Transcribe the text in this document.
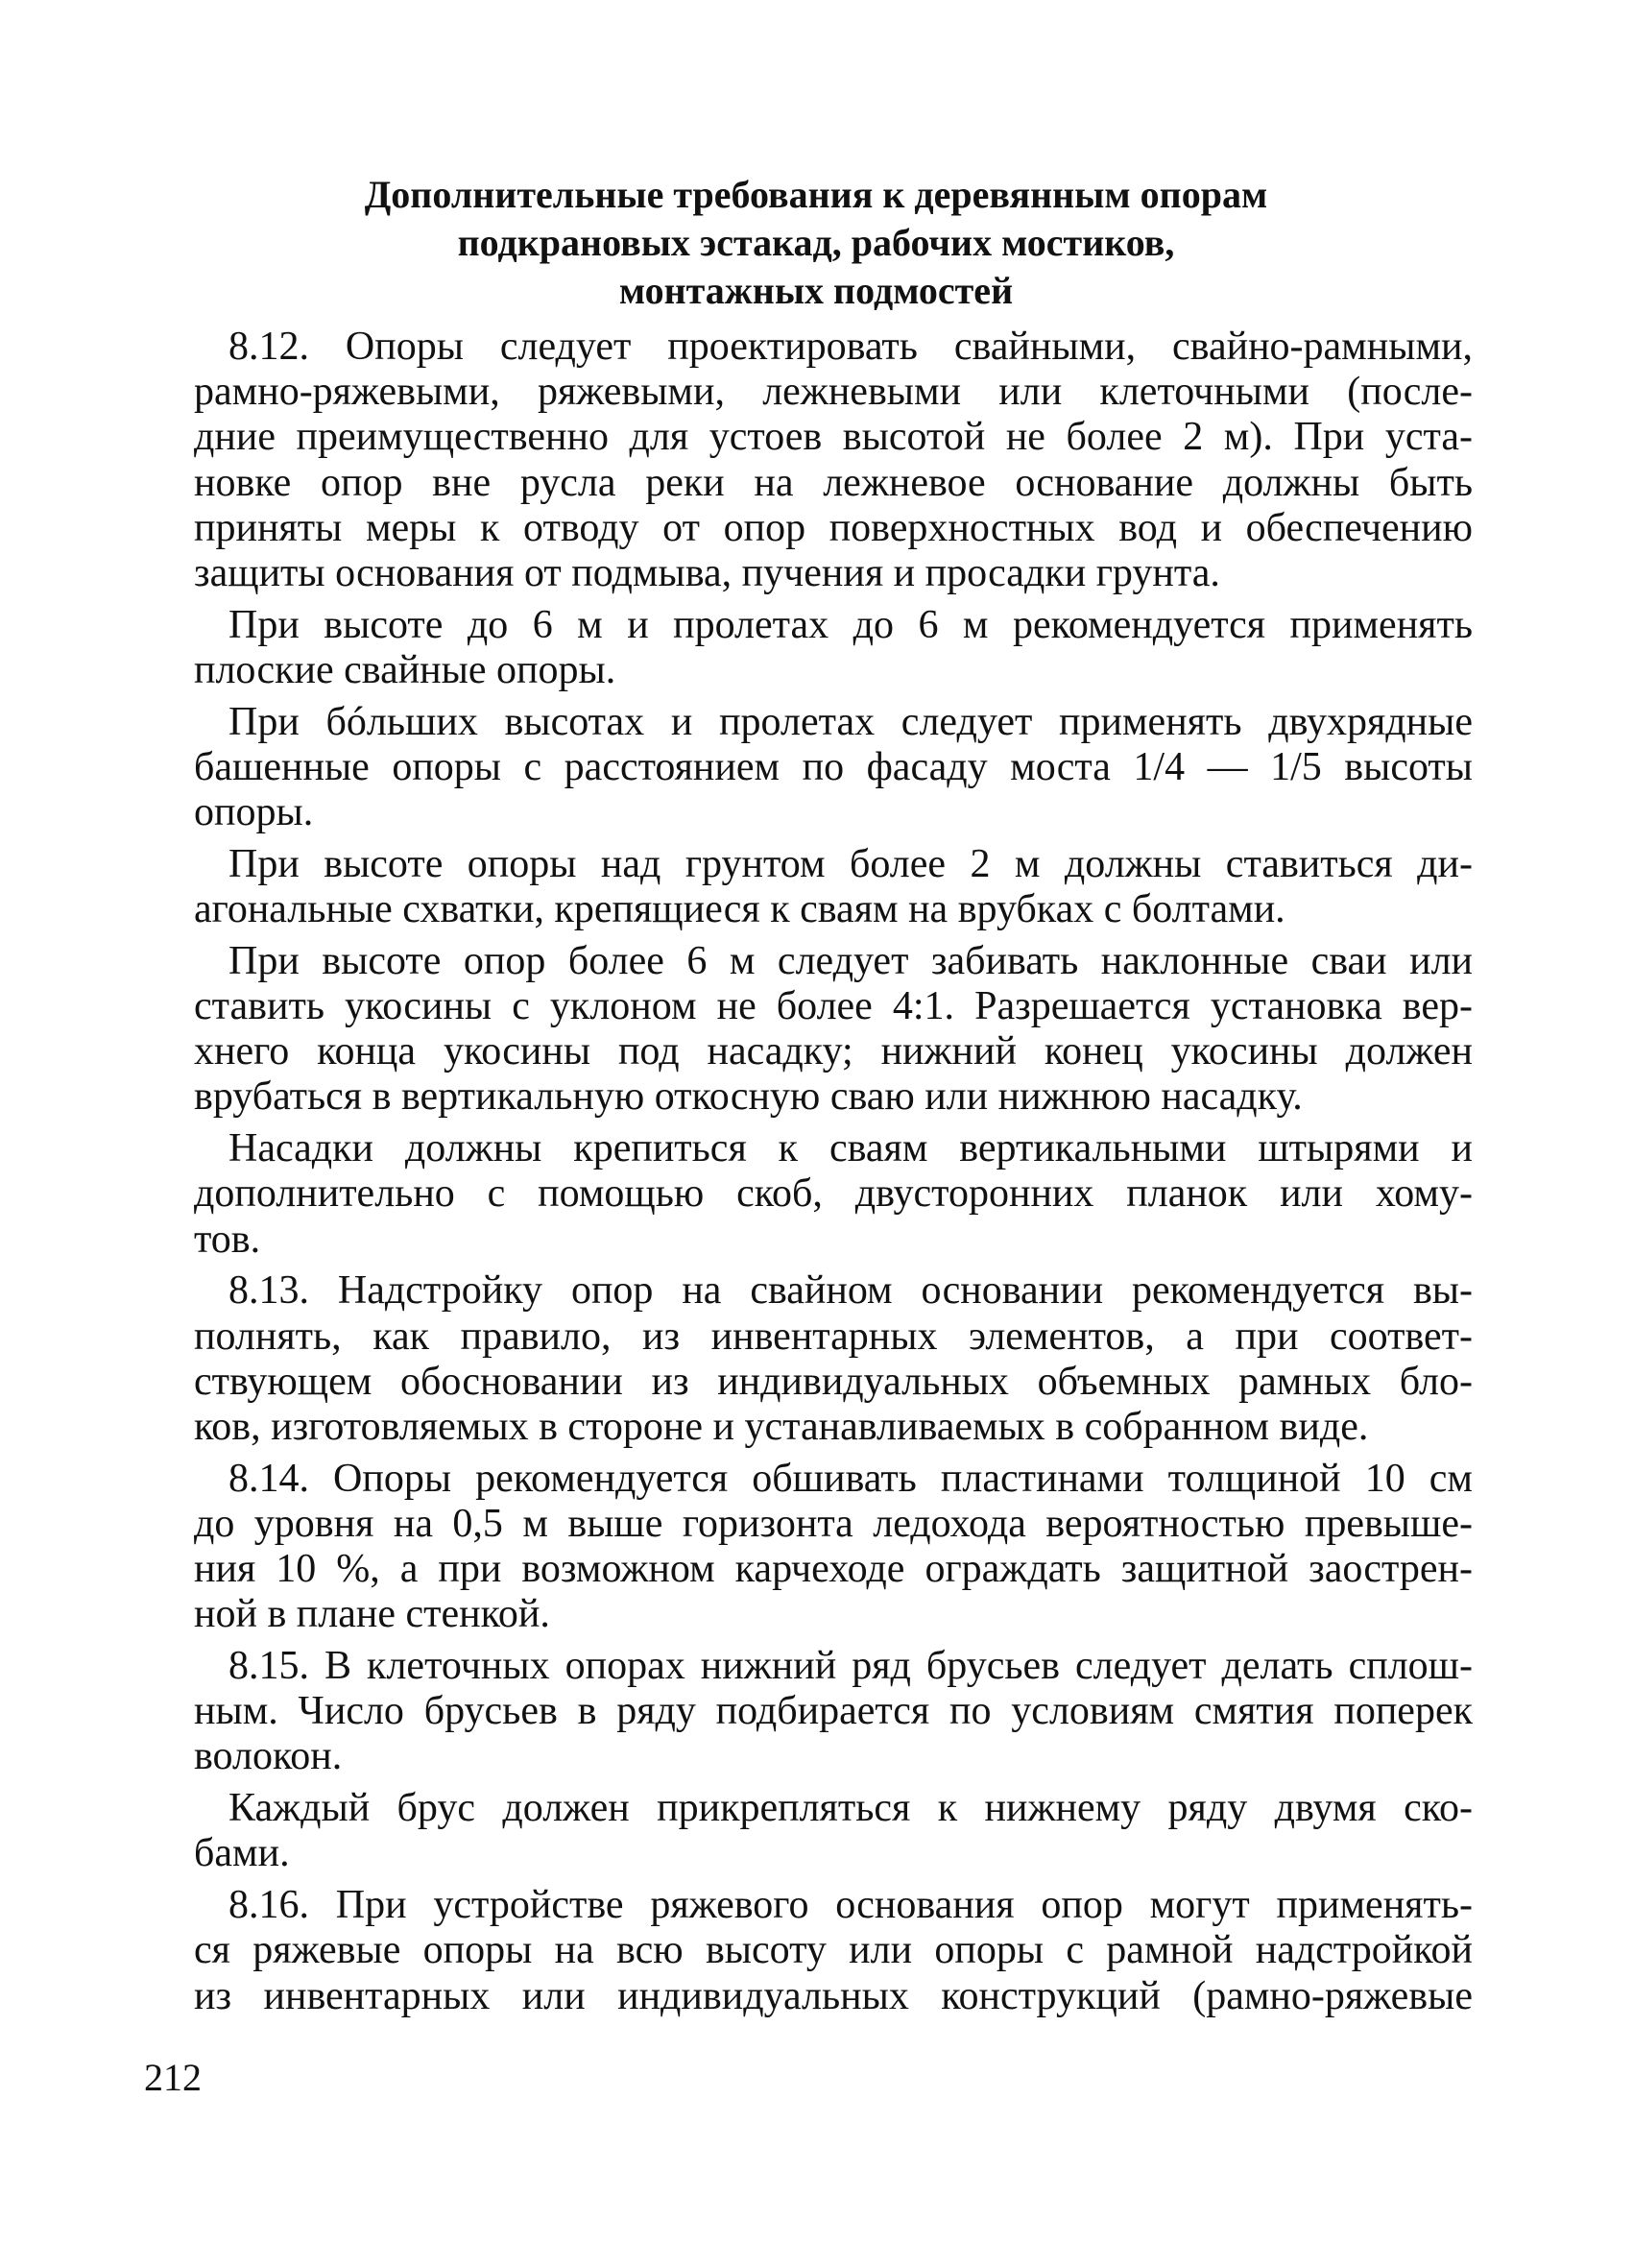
Дополнительные требования к деревянным опорам
подкрановых эстакад, рабочих мостиков,
монтажных подмостей
8.12. Опоры следует проектировать свайными, свайно-рамными,
рамно-ряжевыми, ряжевыми, лежневыми или клеточными (после-
дние преимущественно для устоев высотой не более 2 м). При уста-
новке опор вне русла реки на лежневое основание должны быть
приняты меры к отводу от опор поверхностных вод и обеспечению
защиты основания от подмыва, пучения и просадки грунта.
При высоте до 6 м и пролетах до 6 м рекомендуется применять
плоские свайные опоры.
При бóльших высотах и пролетах следует применять двухрядные
башенные опоры с расстоянием по фасаду моста 1/4 — 1/5 высоты
опоры.
При высоте опоры над грунтом более 2 м должны ставиться ди-
агональные схватки, крепящиеся к сваям на врубках с болтами.
При высоте опор более 6 м следует забивать наклонные сваи или
ставить укосины с уклоном не более 4:1. Разрешается установка вер-
хнего конца укосины под насадку; нижний конец укосины должен
врубаться в вертикальную откосную сваю или нижнюю насадку.
Насадки должны крепиться к сваям вертикальными штырями и
дополнительно с помощью скоб, двусторонних планок или хому-
тов.
8.13. Надстройку опор на свайном основании рекомендуется вы-
полнять, как правило, из инвентарных элементов, а при соответ-
ствующем обосновании из индивидуальных объемных рамных бло-
ков, изготовляемых в стороне и устанавливаемых в собранном виде.
8.14. Опоры рекомендуется обшивать пластинами толщиной 10 см
до уровня на 0,5 м выше горизонта ледохода вероятностью превыше-
ния 10 %, а при возможном карчеходе ограждать защитной заострен-
ной в плане стенкой.
8.15. В клеточных опорах нижний ряд брусьев следует делать сплош-
ным. Число брусьев в ряду подбирается по условиям смятия поперек
волокон.
Каждый брус должен прикрепляться к нижнему ряду двумя ско-
бами.
8.16. При устройстве ряжевого основания опор могут применять-
ся ряжевые опоры на всю высоту или опоры с рамной надстройкой
из инвентарных или индивидуальных конструкций (рамно-ряжевые
212
